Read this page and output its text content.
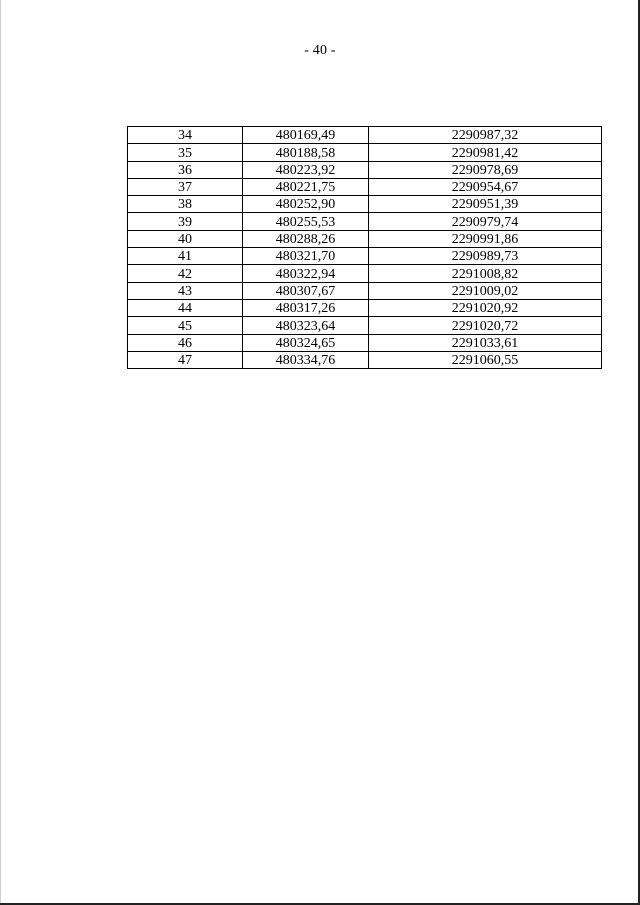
- 40 -
34	480169,49	2290987,32
35	480188,58	2290981,42
36	480223,92	2290978,69
37	480221,75	2290954,67
38	480252,90	2290951,39
39	480255,53	2290979,74
40	480288,26	2290991,86
41	480321,70	2290989,73
42	480322,94	2291008,82
43	480307,67	2291009,02
44	480317,26	2291020,92
45	480323,64	2291020,72
46	480324,65	2291033,61
47	480334,76	2291060,55
